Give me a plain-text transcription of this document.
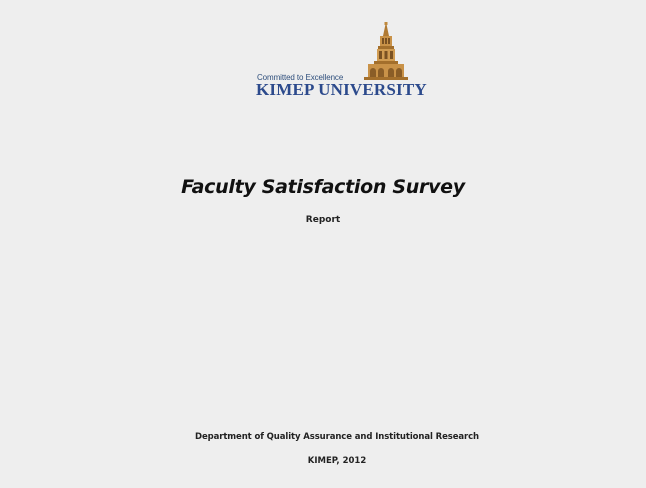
Committed to Excellence
KIMEP UNIVERSITY
Faculty Satisfaction Survey
Report
Department of Quality Assurance and Institutional Research
KIMEP, 2012
